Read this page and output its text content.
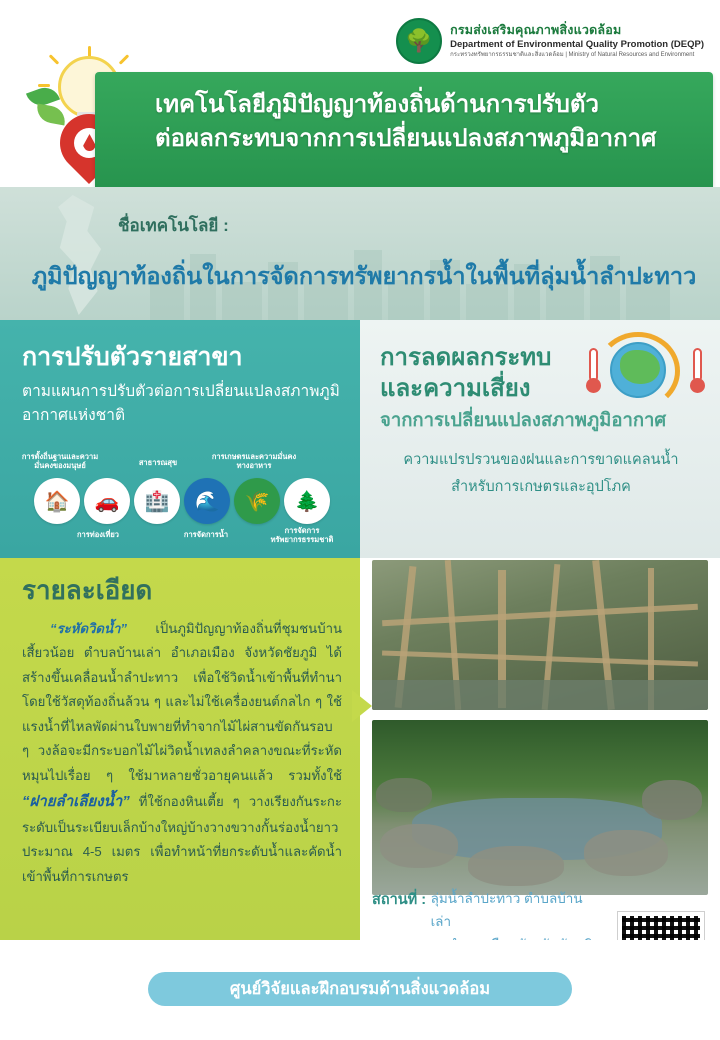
🌳	กรมส่งเสริมคุณภาพสิ่งแวดล้อม
Department of Environmental Quality Promotion (DEQP)
กระทรวงทรัพยากรธรรมชาติและสิ่งแวดล้อม | Ministry of Natural Resources and Environment
เทคโนโลยีภูมิปัญญาท้องถิ่นด้านการปรับตัว
ต่อผลกระทบจากการเปลี่ยนแปลงสภาพภูมิอากาศ
ชื่อเทคโนโลยี :
ภูมิปัญญาท้องถิ่นในการจัดการทรัพยากรน้ำในพื้นที่ลุ่มน้ำลำปะทาว
การปรับตัวรายสาขา

ตามแผนการปรับตัวต่อการเปลี่ยนแปลงสภาพภูมิอากาศแห่งชาติ

การตั้งถิ่นฐานและความมั่นคงของมนุษย์	สาธารณสุข
การเกษตรและความมั่นคงทางอาหาร
🏠	🚗	🏥	🌊	🌾	🌲
การท่องเที่ยว	การจัดการน้ำ	การจัดการทรัพยากรธรรมชาติ
การลดผลกระทบ
และความเสี่ยง
จากการเปลี่ยนแปลงสภาพภูมิอากาศ

ความแปรปรวนของฝนและการขาดแคลนน้ำ

สำหรับการเกษตรและอุปโภค

รายละเอียด
“ระหัดวิดน้ำ” เป็นภูมิปัญญาท้องถิ่นที่ชุมชนบ้านเสี้ยวน้อย ตำบลบ้านเล่า อำเภอเมือง จังหวัดชัยภูมิ ได้สร้างขึ้นเคลื่อนน้ำลำปะทาว เพื่อใช้วิดน้ำเข้าพื้นที่ทำนา โดยใช้วัสดุท้องถิ่นล้วน ๆ และไม่ใช้เครื่องยนต์กลไก ๆ ใช้แรงน้ำที่ไหลพัดผ่านใบพายที่ทำจากไม้ไผ่สานขัดกันรอบ ๆ วงล้อจะมีกระบอกไม้ไผ่วิดน้ำเทลงลำคลางขณะที่ระหัดหมุนไปเรื่อย ๆ ใช้มาหลายชั่วอายุคนแล้ว รวมทั้งใช้ “ฝายลำเลียงน้ำ” ที่ใช้กองหินเตี้ย ๆ วางเรียงกันระกะระดับเป็นระเบียบเล็กบ้างใหญ่บ้างวางขวางกั้นร่องน้ำยาวประมาณ 4-5 เมตร เพื่อทำหน้าที่ยกระดับน้ำและคัดน้ำเข้าพื้นที่การเกษตร
สถานที่ : ลุ่มน้ำลำปะทาว ตำบลบ้านเล่า

ศูนย์วิจัยและฝึกอบรมด้านสิ่งแวดล้อม
